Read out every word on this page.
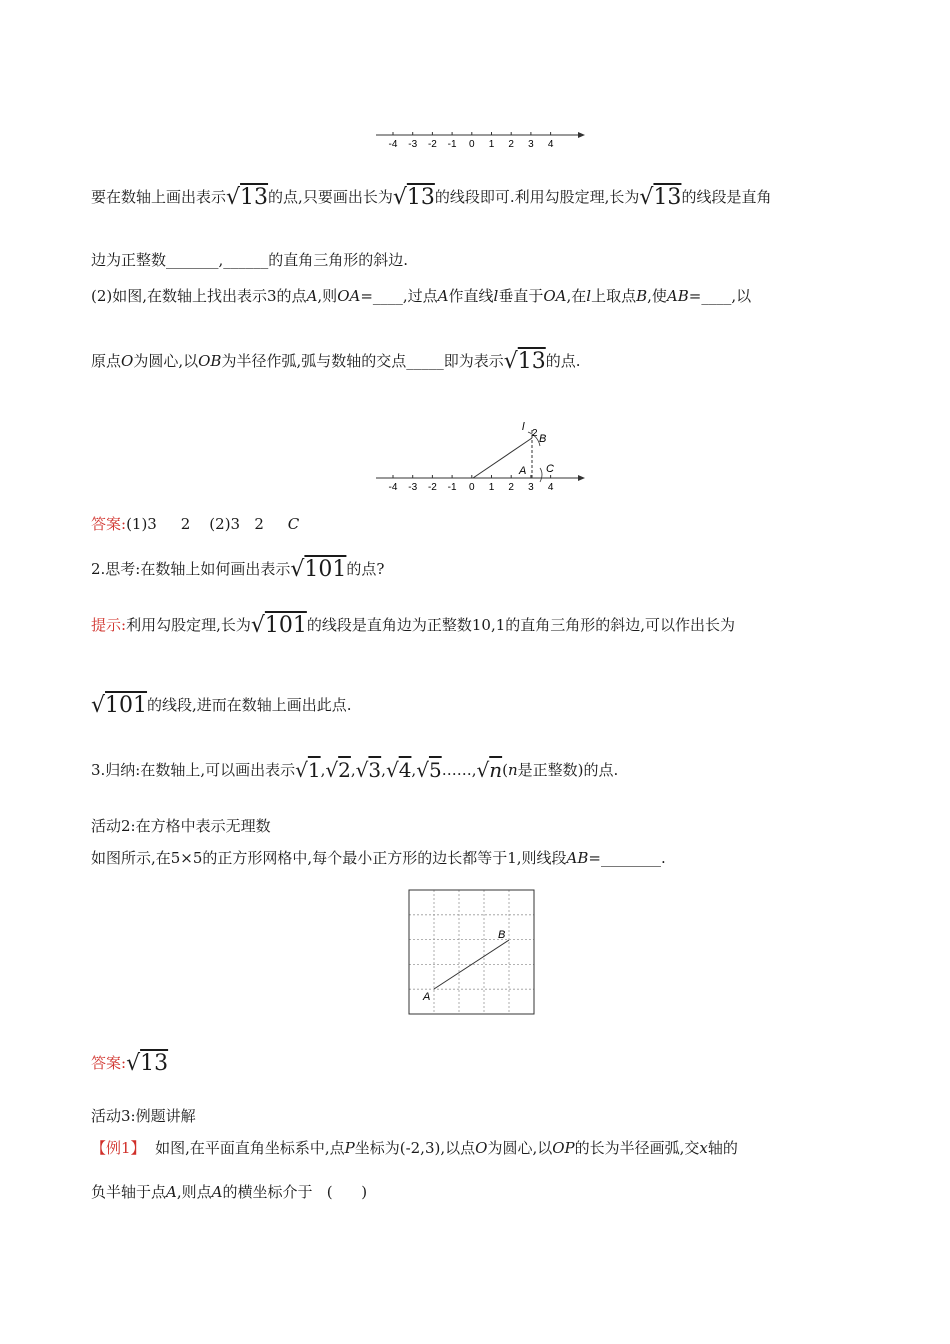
-4 -3 -2 -1 0 1 2 3 4
要在数轴上画出表示√13的点,只要画出长为√13的线段即可.利用勾股定理,长为√13的线段是直角
边为正整数_______,______的直角三角形的斜边.
(2)如图,在数轴上找出表示3的点A,则OA=____,过点A作直线l垂直于OA,在l上取点B,使AB=____,以
原点O为圆心,以OB为半径作弧,弧与数轴的交点_____即为表示√13的点.
l
2 B
A C
-4 -3 -2 -1 0 1 2 3 4
答案:(1)3     2    (2)3   2     C
2.思考:在数轴上如何画出表示√101的点?
提示:利用勾股定理,长为√101的线段是直角边为正整数10,1的直角三角形的斜边,可以作出长为
√101的线段,进而在数轴上画出此点.
3.归纳:在数轴上,可以画出表示√1,√2,√3,√4,√5……,√n(n是正整数)的点.
活动2:在方格中表示无理数
如图所示,在5×5的正方形网格中,每个最小正方形的边长都等于1,则线段AB=________.
A
B
答案:√13
活动3:例题讲解
【例1】  如图,在平面直角坐标系中,点P坐标为(-2,3),以点O为圆心,以OP的长为半径画弧,交x轴的
负半轴于点A,则点A的横坐标介于   (      )
